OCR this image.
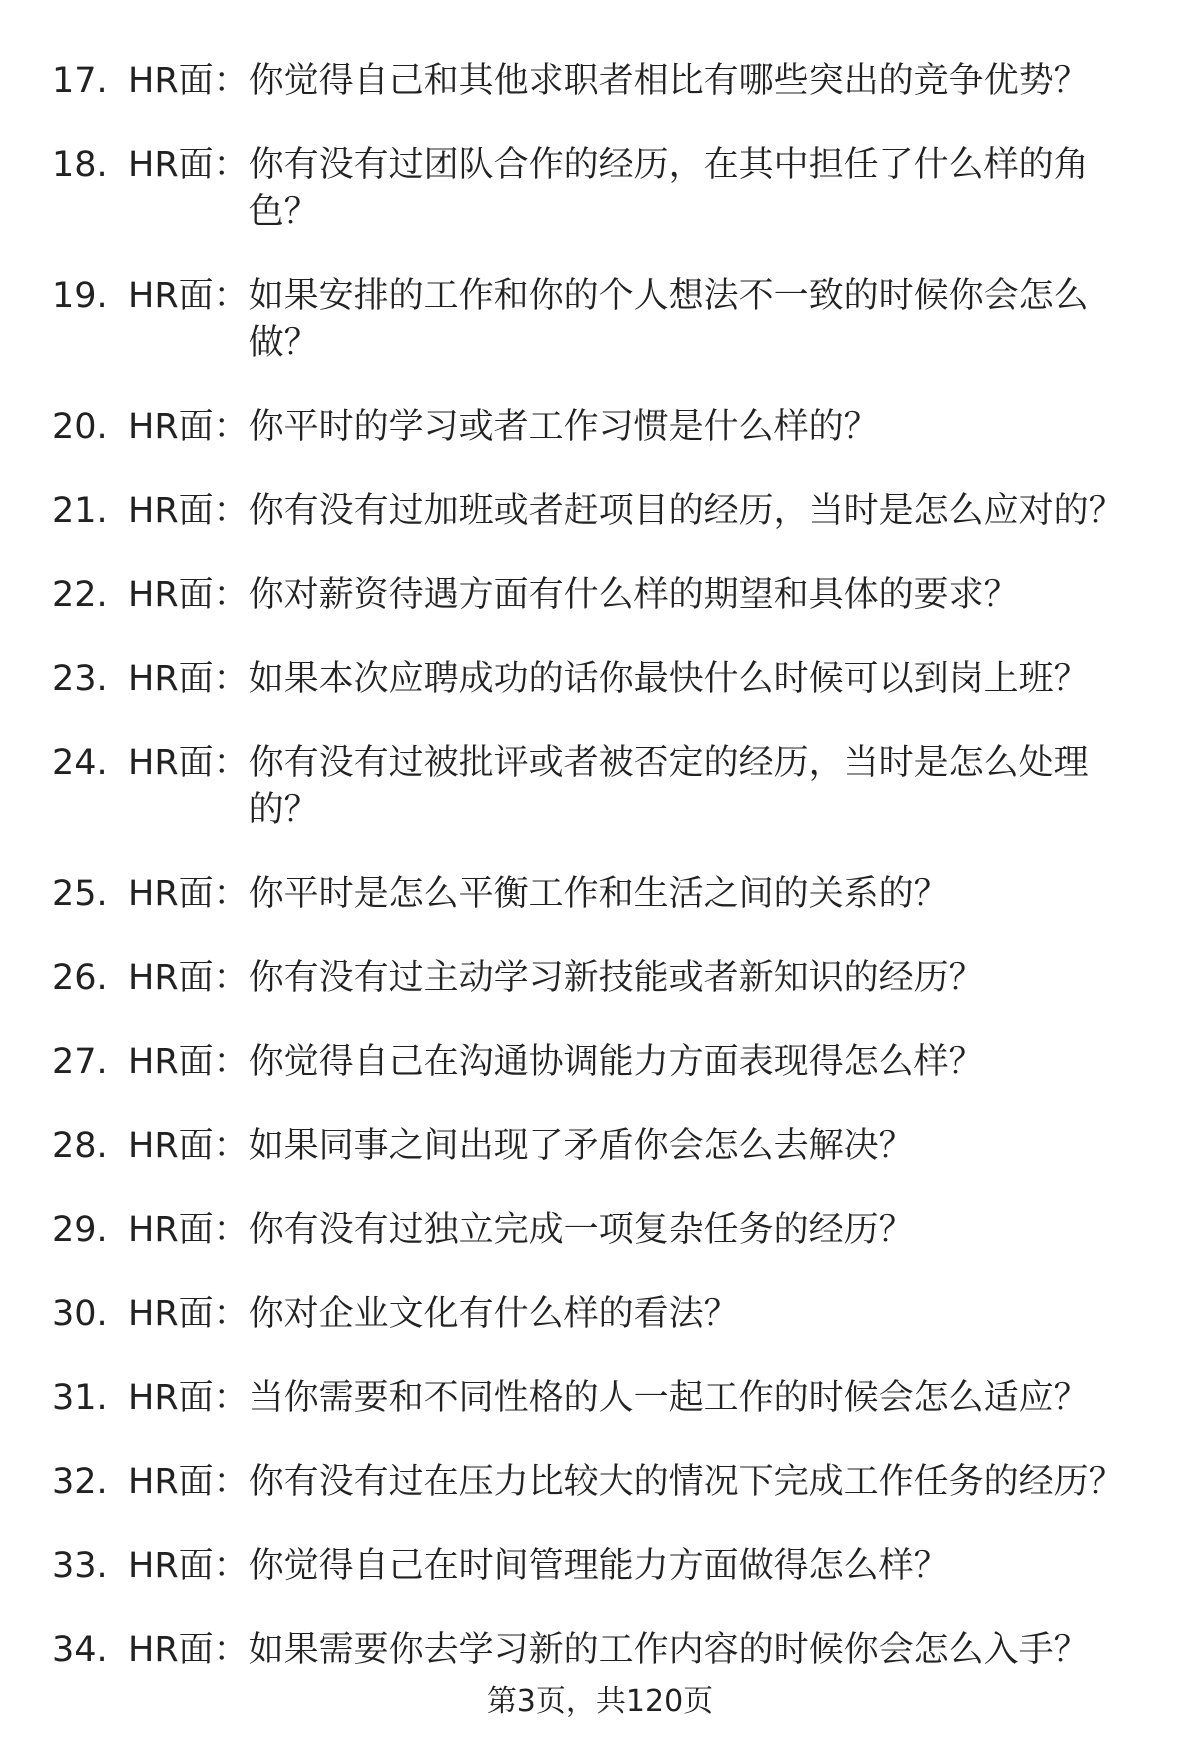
17. HR面： 你觉得自己和其他求职者相比有哪些突出的竞争优势？
18. HR面： 你有没有过团队合作的经历，在其中担任了什么样的角色？
19. HR面： 如果安排的工作和你的个人想法不一致的时候你会怎么做？
20. HR面： 你平时的学习或者工作习惯是什么样的？
21. HR面： 你有没有过加班或者赶项目的经历，当时是怎么应对的？
22. HR面： 你对薪资待遇方面有什么样的期望和具体的要求？
23. HR面： 如果本次应聘成功的话你最快什么时候可以到岗上班？
24. HR面： 你有没有过被批评或者被否定的经历，当时是怎么处理的？
25. HR面： 你平时是怎么平衡工作和生活之间的关系的？
26. HR面： 你有没有过主动学习新技能或者新知识的经历？
27. HR面： 你觉得自己在沟通协调能力方面表现得怎么样？
28. HR面： 如果同事之间出现了矛盾你会怎么去解决？
29. HR面： 你有没有过独立完成一项复杂任务的经历？
30. HR面： 你对企业文化有什么样的看法？
31. HR面： 当你需要和不同性格的人一起工作的时候会怎么适应？
32. HR面： 你有没有过在压力比较大的情况下完成工作任务的经历？
33. HR面： 你觉得自己在时间管理能力方面做得怎么样？
34. HR面： 如果需要你去学习新的工作内容的时候你会怎么入手？
第3页，共120页
